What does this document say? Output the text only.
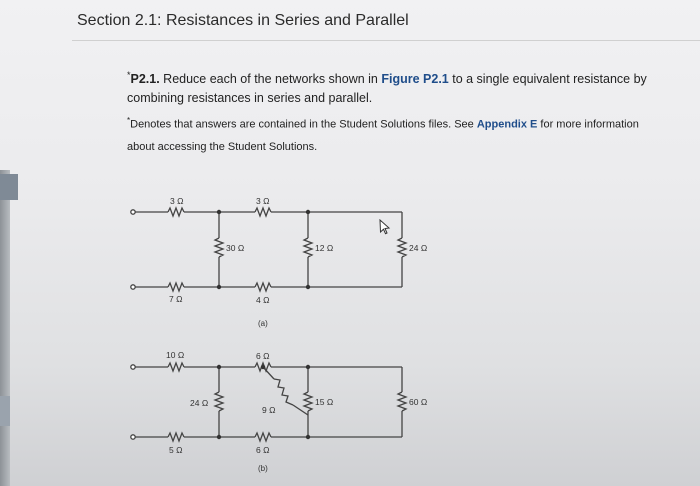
Section 2.1: Resistances in Series and Parallel
*P2.1. Reduce each of the networks shown in Figure P2.1 to a single equivalent resistance by
combining resistances in series and parallel.
*Denotes that answers are contained in the Student Solutions files. See Appendix E for more information
about accessing the Student Solutions.
3 Ω	3 Ω
30 Ω	12 Ω	24 Ω
7 Ω	4 Ω
(a)
10 Ω	6 Ω
24 Ω
9 Ω
15 Ω	60 Ω
5 Ω	6 Ω
(b)
